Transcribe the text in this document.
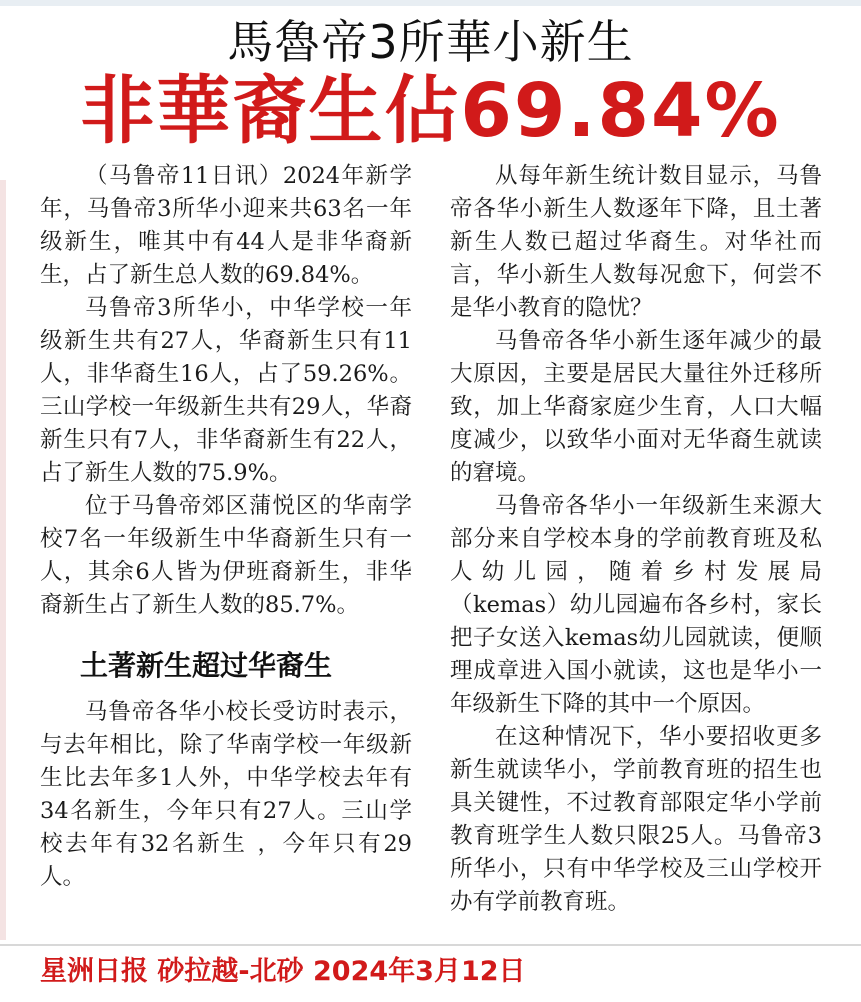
馬魯帝3所華小新生
非華裔生佔69.84%

（马鲁帝11日讯）2024年新学年，马鲁帝3所华小迎来共63名一年级新生，唯其中有44人是非华裔新生，占了新生总人数的69.84%。

马鲁帝3所华小，中华学校一年级新生共有27人，华裔新生只有11人，非华裔生16人，占了59.26%。三山学校一年级新生共有29人，华裔新生只有7人，非华裔新生有22人，占了新生人数的75.9%。

位于马鲁帝郊区蒲悦区的华南学校7名一年级新生中华裔新生只有一人，其余6人皆为伊班裔新生，非华裔新生占了新生人数的85.7%。

土著新生超过华裔生

马鲁帝各华小校长受访时表示，与去年相比，除了华南学校一年级新生比去年多1人外，中华学校去年有34名新生，今年只有27人。三山学校去年有32名新生 ，今年只有29人。

从每年新生统计数目显示，马鲁帝各华小新生人数逐年下降，且土著新生人数已超过华裔生。对华社而言，华小新生人数每况愈下，何尝不是华小教育的隐忧？

马鲁帝各华小新生逐年减少的最大原因，主要是居民大量往外迁移所致，加上华裔家庭少生育，人口大幅度减少，以致华小面对无华裔生就读的窘境。

马鲁帝各华小一年级新生来源大部分来自学校本身的学前教育班及私人幼儿园，随着乡村发展局（kemas）幼儿园遍布各乡村，家长把子女送入kemas幼儿园就读，便顺理成章进入国小就读，这也是华小一年级新生下降的其中一个原因。

在这种情况下，华小要招收更多新生就读华小，学前教育班的招生也具关键性，不过教育部限定华小学前教育班学生人数只限25人。马鲁帝3所华小，只有中华学校及三山学校开办有学前教育班。

星洲日报 砂拉越-北砂 2024年3月12日
